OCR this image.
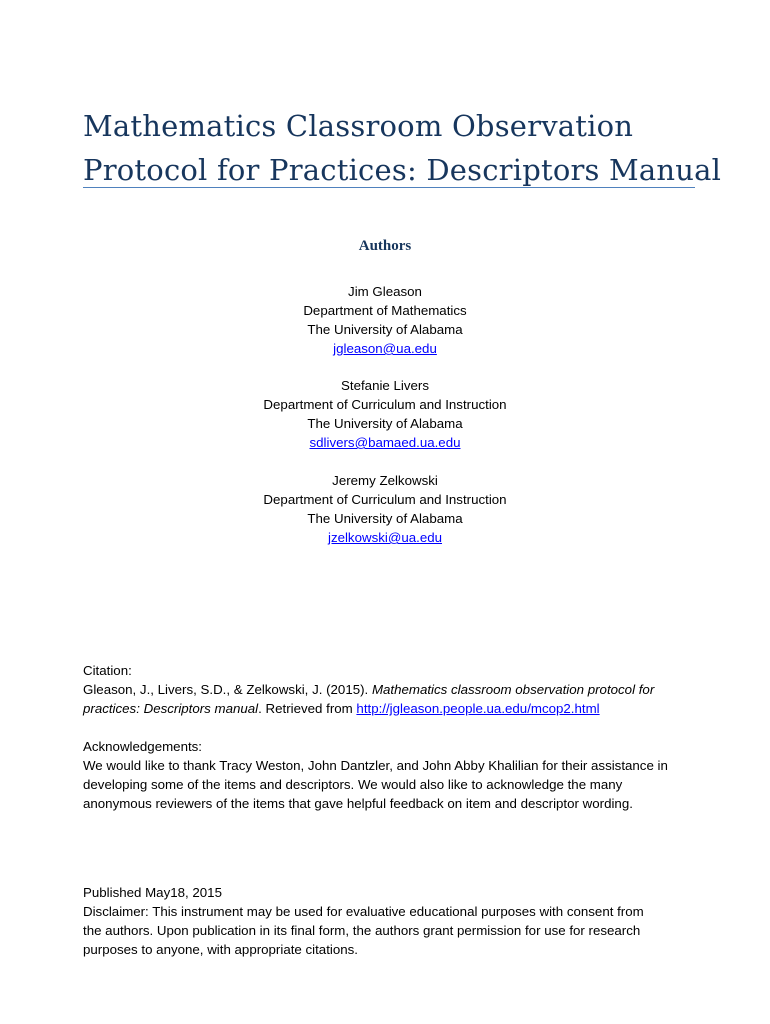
Mathematics Classroom Observation
Protocol for Practices: Descriptors Manual
Authors
Jim Gleason
Department of Mathematics
The University of Alabama
jgleason@ua.edu
Stefanie Livers
Department of Curriculum and Instruction
The University of Alabama
sdlivers@bamaed.ua.edu
Jeremy Zelkowski
Department of Curriculum and Instruction
The University of Alabama
jzelkowski@ua.edu
Citation:
Gleason, J., Livers, S.D., & Zelkowski, J. (2015). Mathematics classroom observation protocol for
practices: Descriptors manual. Retrieved from http://jgleason.people.ua.edu/mcop2.html
Acknowledgements:
We would like to thank Tracy Weston, John Dantzler, and John Abby Khalilian for their assistance in
developing some of the items and descriptors. We would also like to acknowledge the many
anonymous reviewers of the items that gave helpful feedback on item and descriptor wording.
Published May18, 2015
Disclaimer: This instrument may be used for evaluative educational purposes with consent from
the authors. Upon publication in its final form, the authors grant permission for use for research
purposes to anyone, with appropriate citations.
